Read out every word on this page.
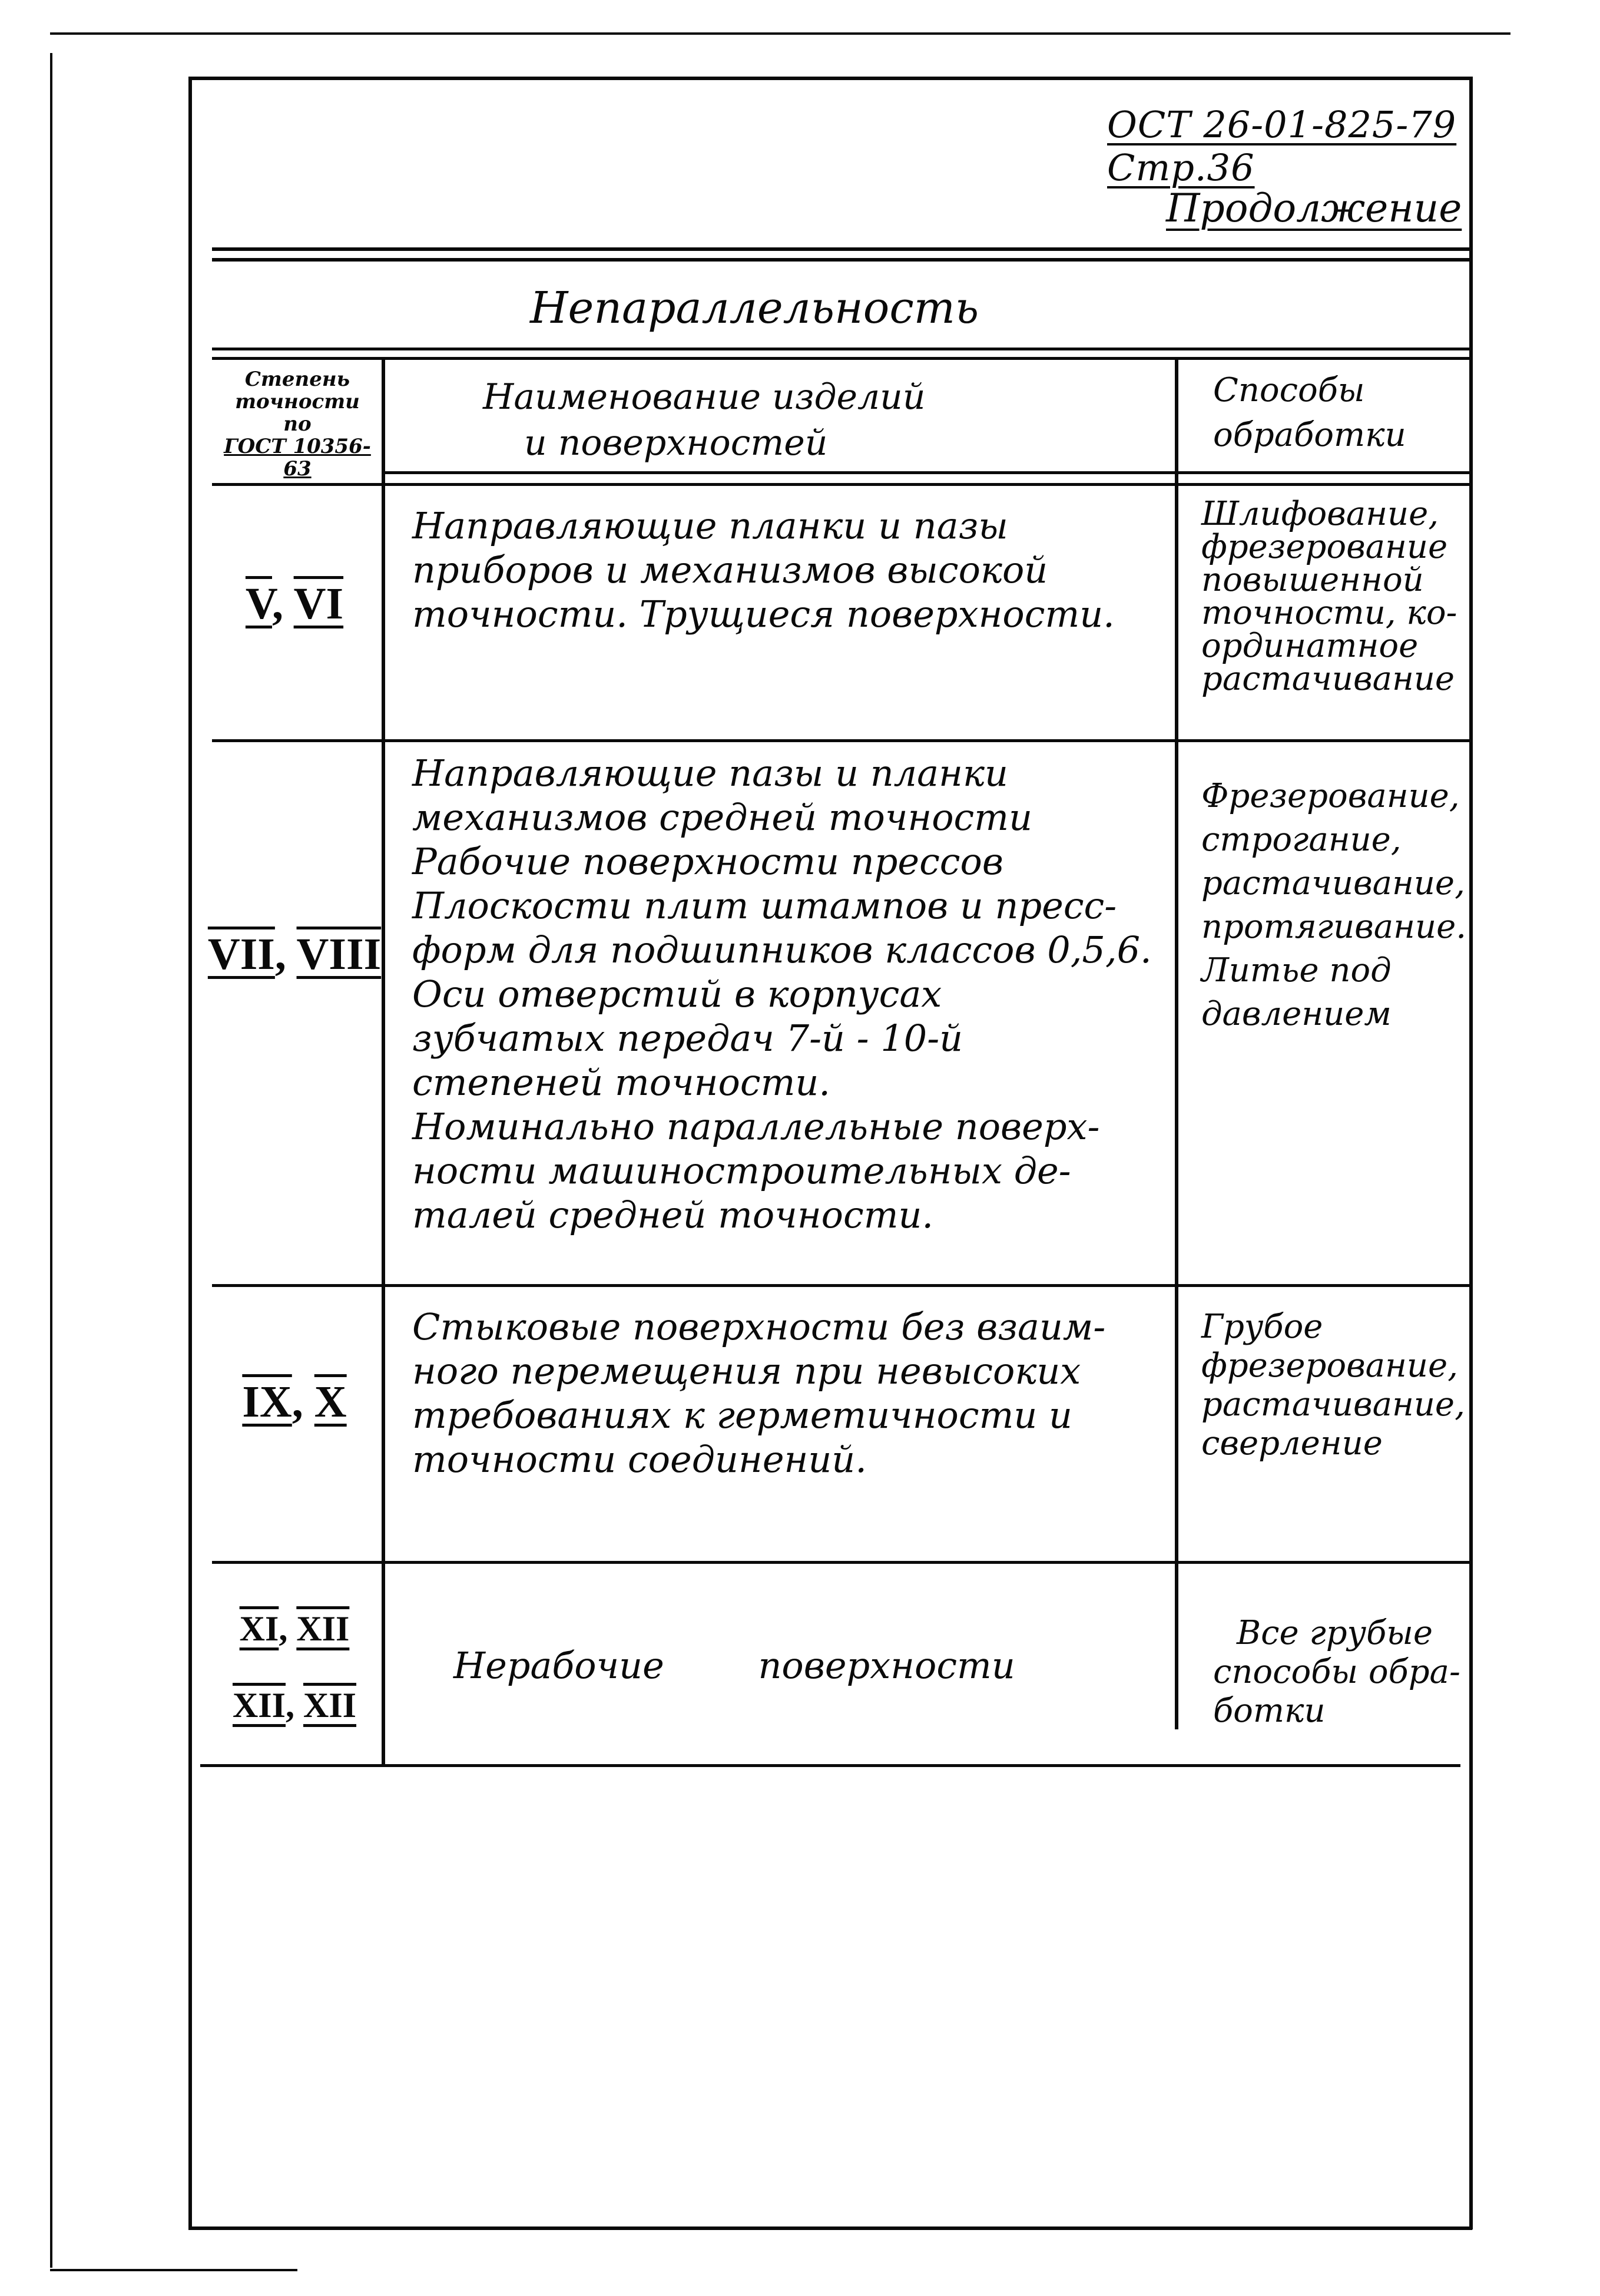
ОСТ 26-01-825-79 Стр.36
Продолжение
Непараллельность
Степень
точности
по
ГОСТ 10356-63
Наименование изделий
и поверхностей
Способы
обработки
V, VI
Направляющие планки и пазы
приборов и механизмов высокой
точности. Трущиеся поверхности.
Шлифование,
фрезерование
повышенной
точности, ко-
ординатное
растачивание
VII, VIII
Направляющие пазы и планки
механизмов средней точности
Рабочие поверхности прессов
Плоскости плит штампов и пресс-
форм для подшипников классов 0,5,6.
Оси отверстий в корпусах
зубчатых передач 7-й - 10-й
степеней точности.
Номинально параллельные поверх-
ности машиностроительных де-
талей средней точности.
Фрезерование,
строгание,
растачивание,
протягивание.
Литье под
давлением
IX, X
Стыковые поверхности без взаим-
ного перемещения при невысоких
требованиях к герметичности и
точности соединений.
Грубое
фрезерование,
растачивание,
сверление
XI, XII
XII, XII
Нерабочие поверхности
Все грубые
способы обра-
ботки
